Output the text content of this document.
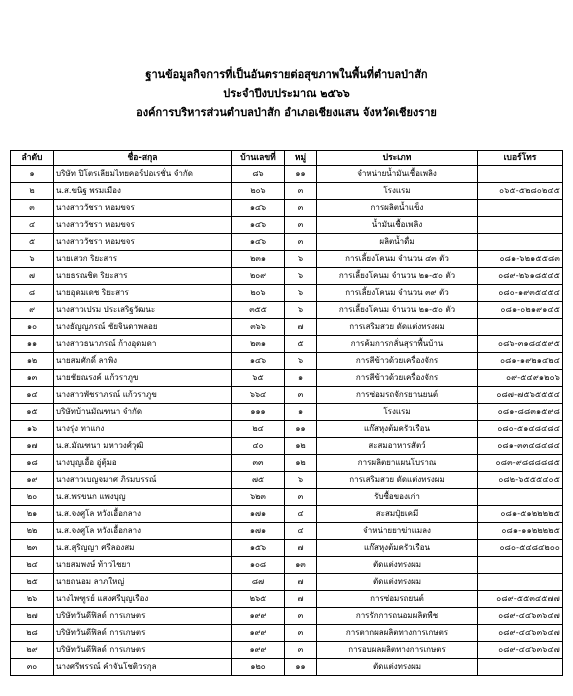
ฐานข้อมูลกิจการที่เป็นอันตรายต่อสุขภาพในพื้นที่ตำบลป่าสัก
ประจำปีงบประมาณ ๒๕๖๖
องค์การบริหารส่วนตำบลป่าสัก อำเภอเชียงแสน จังหวัดเชียงราย
ลำดับ	ชื่อ-สกุล	บ้านเลขที่	หมู่	ประเภท	เบอร์โทร
๑	บริษัท ปิโตรเลียมไทยคอร์ปอเรชั่น จำกัด	๘๖	๑๑	จำหน่ายน้ำมันเชื้อเพลิง	
๒	น.ส.ขนิฐ พรมเมือง	๒๐๖	๓	โรงแรม	๐๖๕-๕๒๘๐๒๔๕
๓	นางสาววัชรา หอมขจร	๑๔๖	๓	การผลิตน้ำแข็ง	
๔	นางสาววัชรา หอมขจร	๑๔๖	๓	น้ำมันเชื้อเพลิง	
๕	นางสาววัชรา หอมขจร	๑๔๖	๓	ผลิตน้ำดื่ม	
๖	นายเสวก ริยะสาร	๒๓๑	๖	การเลี้ยงโคนม จำนวน ๔๓ ตัว	๐๘๑-๖๒๑๕๕๘๓
๗	นายธรณชิต ริยะสาร	๒๐๙	๖	การเลี้ยงโคนม จำนวน ๒๑-๕๐ ตัว	๐๘๙-๒๖๑๘๕๔๕
๘	นายอุดมเดช ริยะสาร	๒๐๖	๖	การเลี้ยงโคนม จำนวน ๓๙ ตัว	๐๘๐-๑๙๓๕๔๕๔
๙	นางสาวเปรม ประเสริฐวัฒนะ	๓๕๕	๖	การเลี้ยงโคนม จำนวน ๒๑-๕๐ ตัว	๐๘๑-๐๒๑๙๑๔๕
๑๐	นางธัญญภรณ์ ชัยจินดาพลอย	๓๖๖	๗	การเสริมสวย ดัดแต่งทรงผม	
๑๑	นางสาวธนาภรณ์ ก้างอุดมดา	๒๓๑	๕	การค้มการกลั่นสุราพื้นบ้าน	๐๘๖-๓๑๘๔๕๙๕
๑๒	นายสมศักดิ์ ลาพิง	๑๔๖	๖	การสีข้าวด้วยเครื่องจักร	๐๘๑-๑๙๒๑๔๒๔
๑๓	นายชัยณรงค์ แก้วราภูข	๖๕	๑	การสีข้าวด้วยเครื่องจักร	๐๙-๕๔๙๑๒๐๖
๑๔	นางสาวพัชราภรณ์ แก้วราภูข	๖๖๔	๓	การซ่อมรถจักรยานยนต์	๐๘๗-๗๕๖๕๕๕๔
๑๕	บริษัทบ้านมัณฑนา จำกัด	๑๑๑	๑	โรงแรม	๐๘๑-๘๘๓๑๕๙๘
๑๖	นางรุ่ง ทาแกง	๒๔	๑๑	แก๊สหุงต้มครัวเรือน	๐๘๐-๕๑๔๘๔๘๔
๑๗	น.ส.มัณฑนา มหาวงศ์วุฒิ	๔๐	๑๒	สะสมอาหารสัตว์	๐๘๑-๓๓๔๘๔๘๔
๑๘	นางบุญเอื้อ อู่ตุ้มอ	๓๓	๑๒	การผลิตยาแผนโบราณ	๐๘๓-๙๘๘๘๘๘๕
๑๙	นางสาวเบญจมาศ ภิรมบรรณ์	๗๕	๖	การเสริมสวย ดัดแต่งทรงผม	๐๘๒-๖๕๕๕๔๐๕
๒๐	น.ส.พรขนก แพงบุญ	๖๒๓	๓	รับซื้อของเก่า	
๒๑	น.ส.จงศูโล หวังเอื้อกลาง	๑๗๑	๔	สะสมปุ๋ยเคมี	๐๘๑-๕๑๒๒๒๒๕
๒๒	น.ส.จงศูโล หวังเอื้อกลาง	๑๗๑	๔	จำหน่ายยาฆ่าแมลง	๐๘๑-๑๑๒๒๒๒๕
๒๓	น.ส.สุริญญา ศรีลองสม	๑๕๖	๗	แก๊สหุงต้มครัวเรือน	๐๘๐-๕๔๘๔๒๐๐
๒๔	นายสมพงษ์ ท้าวไชยา	๑๐๘	๑๓	ตัดแต่งทรงผม	
๒๕	นายถนอม ลาภใหญ่	๘๗	๗	ตัดแต่งทรงผม	
๒๖	นางไพฑูรย์ แสงศรีบุญเรือง	๒๖๕	๗	การซ่อมรถยนต์	๐๘๙-๕๕๓๔๕๗๗
๒๗	บริษัทวันดีฟิลด์ การเกษตร	๑๙๙	๓	การรักการถนอมผลิตพืช	๐๘๙-๔๔๖๓๖๔๗
๒๘	บริษัทวันดีฟิลด์ การเกษตร	๑๙๙	๓	การตากผลผลิตทางการเกษตร	๐๘๙-๔๔๖๓๖๔๗
๒๙	บริษัทวันดีฟิลด์ การเกษตร	๑๙๙	๓	การอบผลผลิตทางการเกษตร	๐๘๙-๔๔๖๓๖๔๗
๓๐	นางศรีพรรณ์ คำจันโชติวรกุล	๑๒๐	๑๑	ตัดแต่งทรงผม	
